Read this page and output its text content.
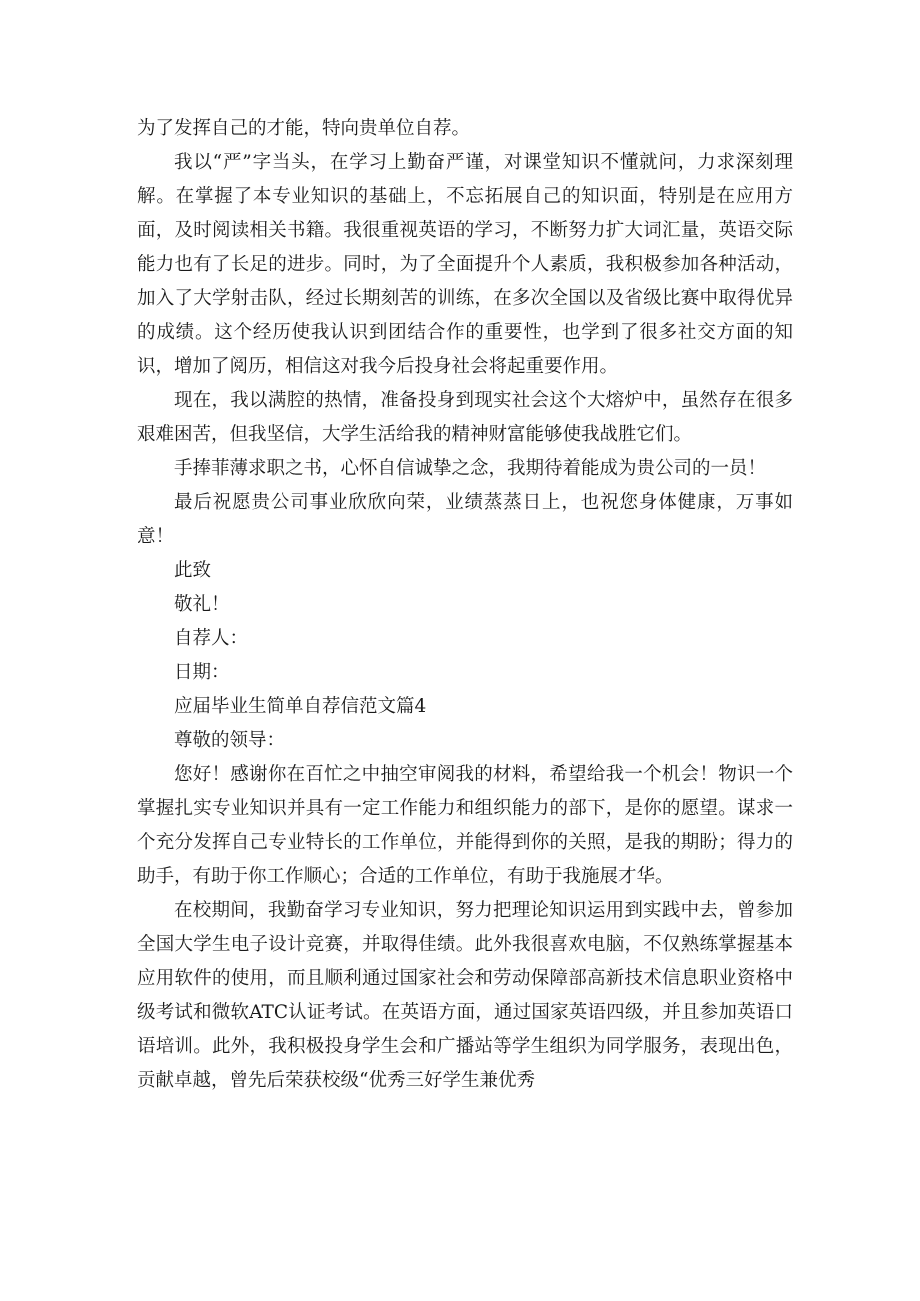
为了发挥自己的才能，特向贵单位自荐。

我以“严”字当头，在学习上勤奋严谨，对课堂知识不懂就问，力求深刻理解。在掌握了本专业知识的基础上，不忘拓展自己的知识面，特别是在应用方面，及时阅读相关书籍。我很重视英语的学习，不断努力扩大词汇量，英语交际能力也有了长足的进步。同时，为了全面提升个人素质，我积极参加各种活动，加入了大学射击队，经过长期刻苦的训练，在多次全国以及省级比赛中取得优异的成绩。这个经历使我认识到团结合作的重要性，也学到了很多社交方面的知识，增加了阅历，相信这对我今后投身社会将起重要作用。

现在，我以满腔的热情，准备投身到现实社会这个大熔炉中，虽然存在很多艰难困苦，但我坚信，大学生活给我的精神财富能够使我战胜它们。

手捧菲薄求职之书，心怀自信诚挚之念，我期待着能成为贵公司的一员！

最后祝愿贵公司事业欣欣向荣，业绩蒸蒸日上，也祝您身体健康，万事如意！

此致

敬礼！

自荐人：

日期：

应届毕业生简单自荐信范文篇4

尊敬的领导：

您好！感谢你在百忙之中抽空审阅我的材料，希望给我一个机会！物识一个掌握扎实专业知识并具有一定工作能力和组织能力的部下，是你的愿望。谋求一个充分发挥自己专业特长的工作单位，并能得到你的关照，是我的期盼；得力的助手，有助于你工作顺心；合适的工作单位，有助于我施展才华。

在校期间，我勤奋学习专业知识，努力把理论知识运用到实践中去，曾参加全国大学生电子设计竞赛，并取得佳绩。此外我很喜欢电脑，不仅熟练掌握基本应用软件的使用，而且顺利通过国家社会和劳动保障部高新技术信息职业资格中级考试和微软ATC认证考试。在英语方面，通过国家英语四级，并且参加英语口语培训。此外，我积极投身学生会和广播站等学生组织为同学服务，表现出色，贡献卓越，曾先后荣获校级“优秀三好学生兼优秀
